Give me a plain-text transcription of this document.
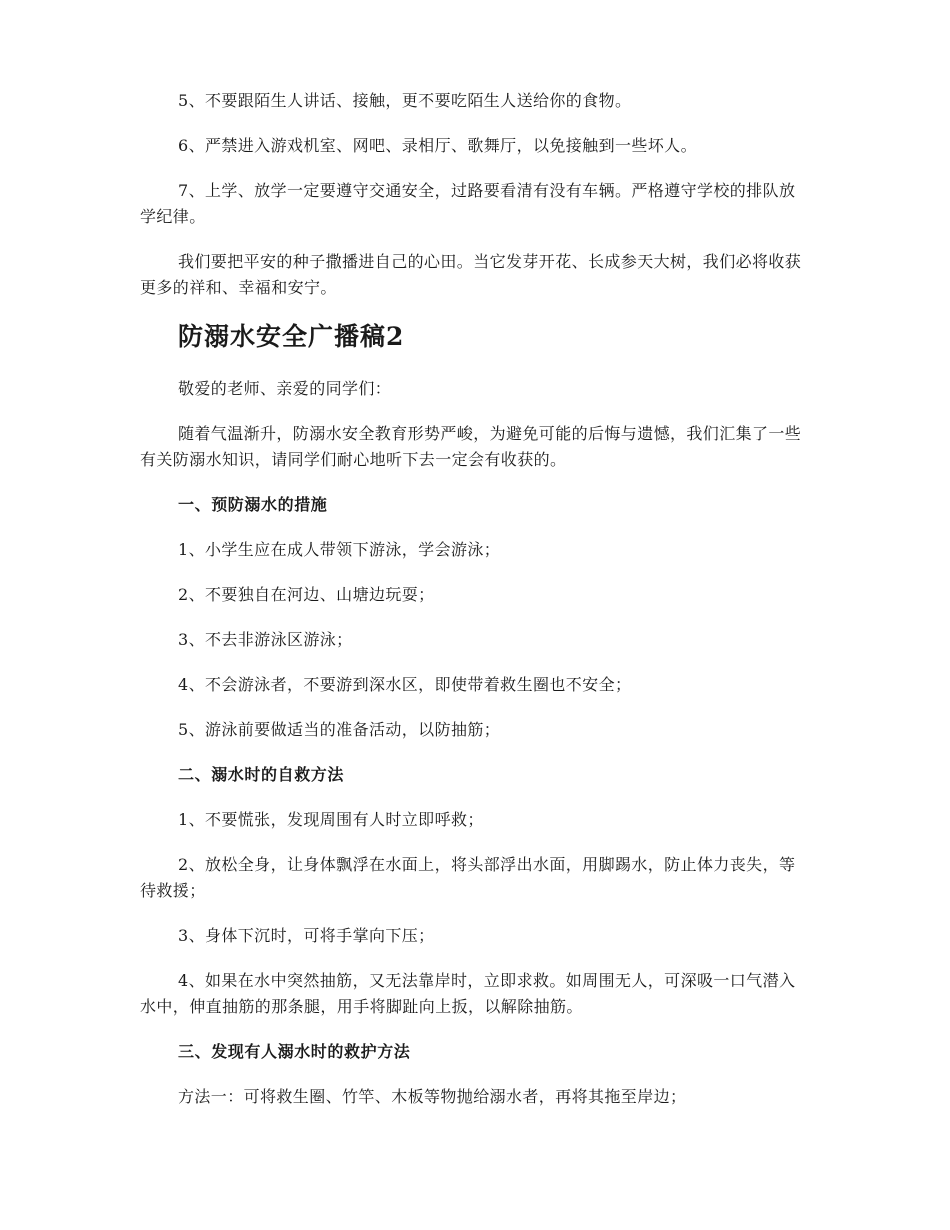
5、不要跟陌生人讲话、接触，更不要吃陌生人送给你的食物。

6、严禁进入游戏机室、网吧、录相厅、歌舞厅，以免接触到一些坏人。

7、上学、放学一定要遵守交通安全，过路要看清有没有车辆。严格遵守学校的排队放学纪律。

我们要把平安的种子撒播进自己的心田。当它发芽开花、长成参天大树，我们必将收获更多的祥和、幸福和安宁。

防溺水安全广播稿2

敬爱的老师、亲爱的同学们：

随着气温渐升，防溺水安全教育形势严峻，为避免可能的后悔与遗憾，我们汇集了一些有关防溺水知识，请同学们耐心地听下去一定会有收获的。

一、预防溺水的措施

1、小学生应在成人带领下游泳，学会游泳；

2、不要独自在河边、山塘边玩耍；

3、不去非游泳区游泳；

4、不会游泳者，不要游到深水区，即使带着救生圈也不安全；

5、游泳前要做适当的准备活动，以防抽筋；

二、溺水时的自救方法

1、不要慌张，发现周围有人时立即呼救；

2、放松全身，让身体飘浮在水面上，将头部浮出水面，用脚踢水，防止体力丧失，等待救援；

3、身体下沉时，可将手掌向下压；

4、如果在水中突然抽筋，又无法靠岸时，立即求救。如周围无人，可深吸一口气潜入水中，伸直抽筋的那条腿，用手将脚趾向上扳，以解除抽筋。

三、发现有人溺水时的救护方法

方法一：可将救生圈、竹竿、木板等物抛给溺水者，再将其拖至岸边；
